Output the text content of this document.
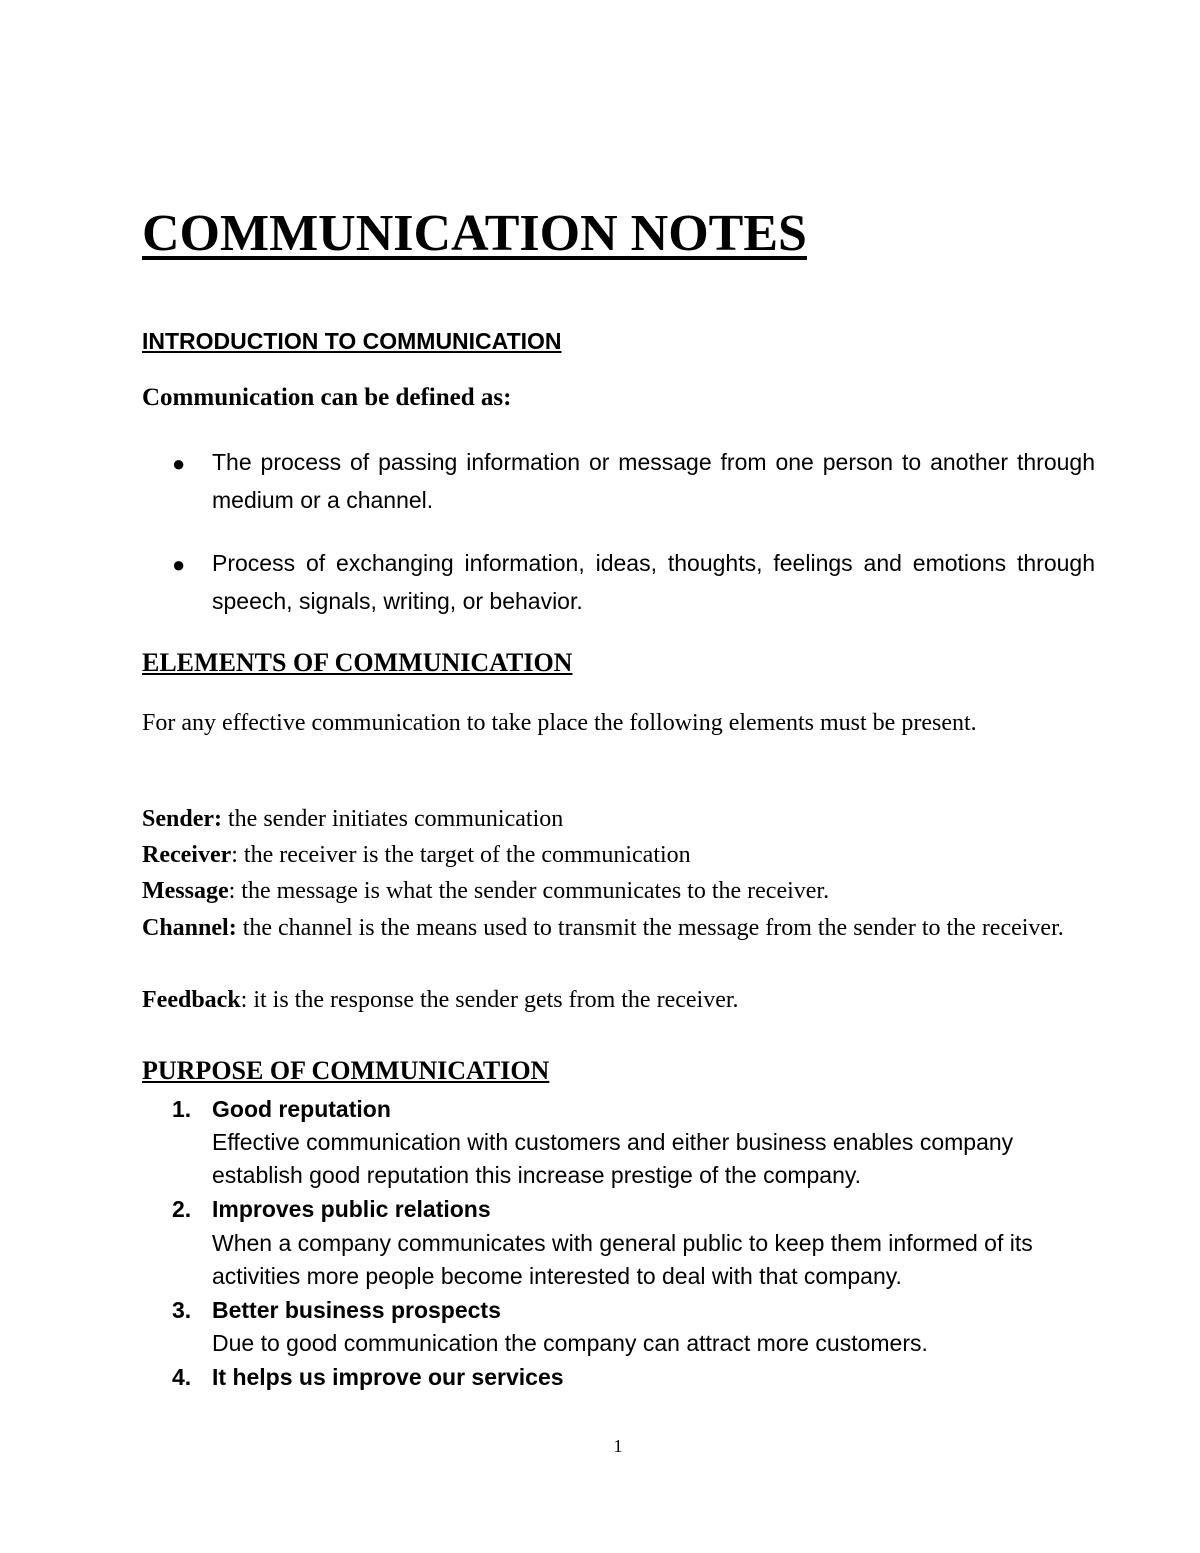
COMMUNICATION NOTES
INTRODUCTION TO COMMUNICATION
Communication can be defined as:
● The process of passing information or message from one person to another through medium or a channel.
● Process of exchanging information, ideas, thoughts, feelings and emotions through speech, signals, writing, or behavior.
ELEMENTS OF COMMUNICATION
For any effective communication to take place the following elements must be present.
Sender: the sender initiates communication
Receiver: the receiver is the target of the communication
Message: the message is what the sender communicates to the receiver.
Channel: the channel is the means used to transmit the message from the sender to the receiver.
Feedback: it is the response the sender gets from the receiver.
PURPOSE OF COMMUNICATION
1. Good reputation
Effective communication with customers and either business enables company establish good reputation this increase prestige of the company.
2. Improves public relations
When a company communicates with general public to keep them informed of its activities more people become interested to deal with that company.
3. Better business prospects
Due to good communication the company can attract more customers.
4. It helps us improve our services
1
